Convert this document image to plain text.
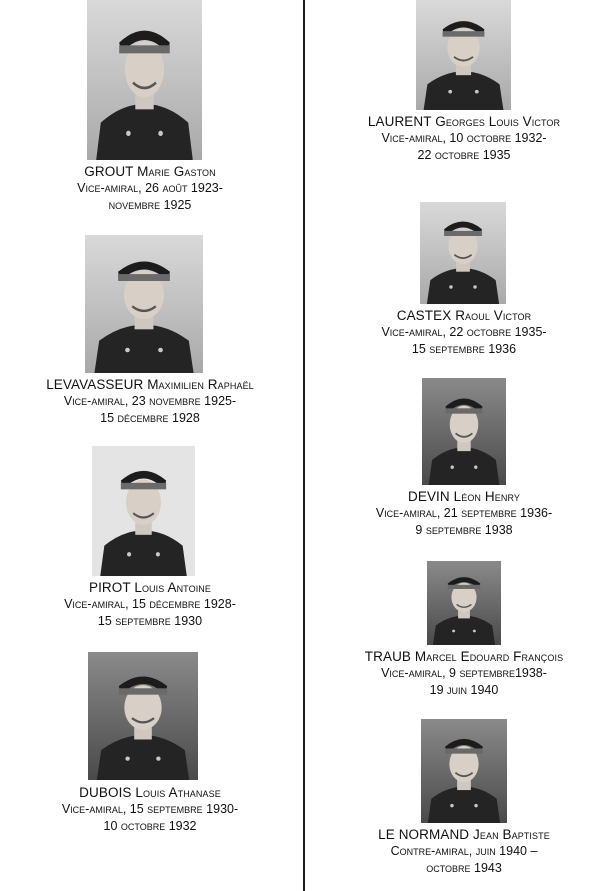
GROUT Marie Gaston
Vice-amiral, 26 août 1923-
novembre 1925
LEVAVASSEUR Maximilien Raphaël
Vice-amiral, 23 novembre 1925-
15 décembre 1928
PIROT Louis Antoine
Vice-amiral, 15 décembre 1928-
15 septembre 1930
DUBOIS Louis Athanase
Vice-amiral, 15 septembre 1930-
10 octobre 1932
LAURENT Georges Louis Victor
Vice-amiral, 10 octobre 1932-
22 octobre 1935
CASTEX Raoul Victor
Vice-amiral, 22 octobre 1935-
15 septembre 1936
DEVIN Léon Henry
Vice-amiral, 21 septembre 1936-
9 septembre 1938
TRAUB Marcel Edouard François
Vice-amiral, 9 septembre1938-
19 juin 1940
LE NORMAND Jean Baptiste
Contre-amiral, juin 1940 –
octobre 1943
